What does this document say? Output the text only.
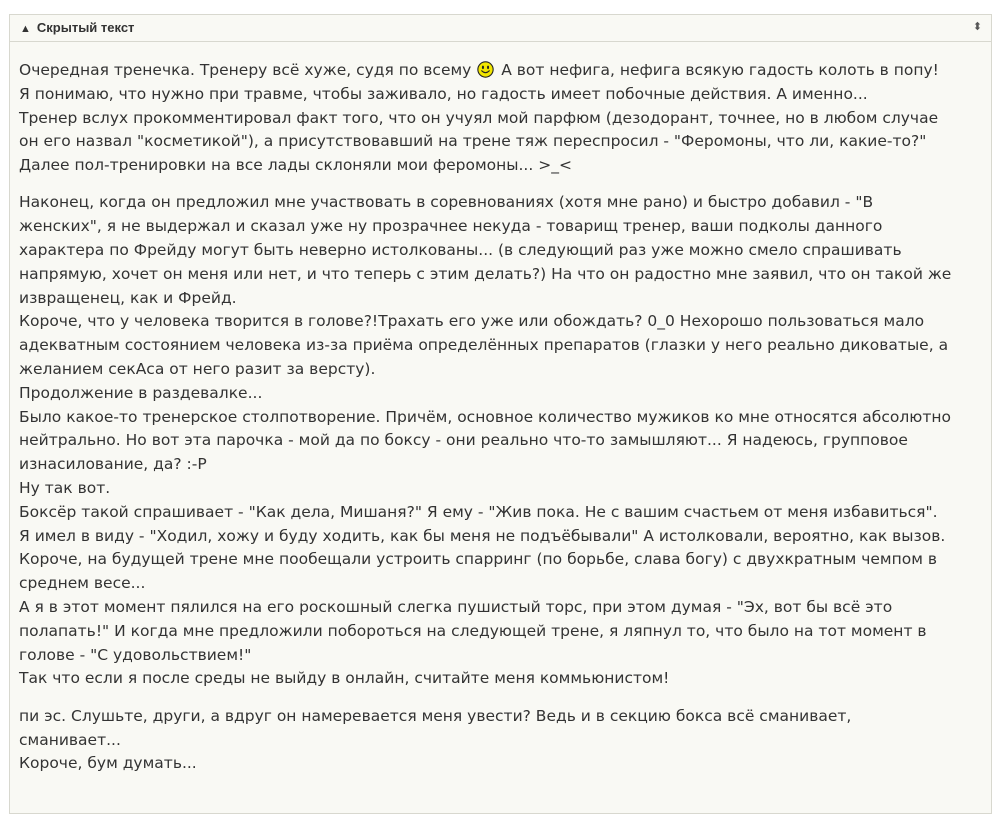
▲ Скрытый текст	⬍
Очередная тренечка. Тренеру всё хуже, судя по всему А вот нефига, нефига всякую гадость колоть в попу!
Я понимаю, что нужно при травме, чтобы заживало, но гадость имеет побочные действия. А именно...
Тренер вслух прокомментировал факт того, что он учуял мой парфюм (дезодорант, точнее, но в любом случае
он его назвал "косметикой"), а присутствовавший на трене тяж переспросил - "Феромоны, что ли, какие-то?"
Далее пол-тренировки на все лады склоняли мои феромоны... >_<
Наконец, когда он предложил мне участвовать в соревнованиях (хотя мне рано) и быстро добавил - "В
женских", я не выдержал и сказал уже ну прозрачнее некуда - товарищ тренер, ваши подколы данного
характера по Фрейду могут быть неверно истолкованы... (в следующий раз уже можно смело спрашивать
напрямую, хочет он меня или нет, и что теперь с этим делать?) На что он радостно мне заявил, что он такой же
извращенец, как и Фрейд.
Короче, что у человека творится в голове?!Трахать его уже или обождать? 0_0 Нехорошо пользоваться мало
адекватным состоянием человека из-за приёма определённых препаратов (глазки у него реально диковатые, а
желанием секАса от него разит за версту).
Продолжение в раздевалке...
Было какое-то тренерское столпотворение. Причём, основное количество мужиков ко мне относятся абсолютно
нейтрально. Но вот эта парочка - мой да по боксу - они реально что-то замышляют... Я надеюсь, групповое
изнасилование, да? :-P
Ну так вот.
Боксёр такой спрашивает - "Как дела, Мишаня?" Я ему - "Жив пока. Не с вашим счастьем от меня избавиться".
Я имел в виду - "Ходил, хожу и буду ходить, как бы меня не подъёбывали" А истолковали, вероятно, как вызов.
Короче, на будущей трене мне пообещали устроить спарринг (по борьбе, слава богу) с двухкратным чемпом в
среднем весе...
А я в этот момент пялился на его роскошный слегка пушистый торс, при этом думая - "Эх, вот бы всё это
полапать!" И когда мне предложили побороться на следующей трене, я ляпнул то, что было на тот момент в
голове - "С удовольствием!"
Так что если я после среды не выйду в онлайн, считайте меня коммьюнистом!
пи эс. Слушьте, други, а вдруг он намеревается меня увести? Ведь и в секцию бокса всё сманивает,
сманивает...
Короче, бум думать...
